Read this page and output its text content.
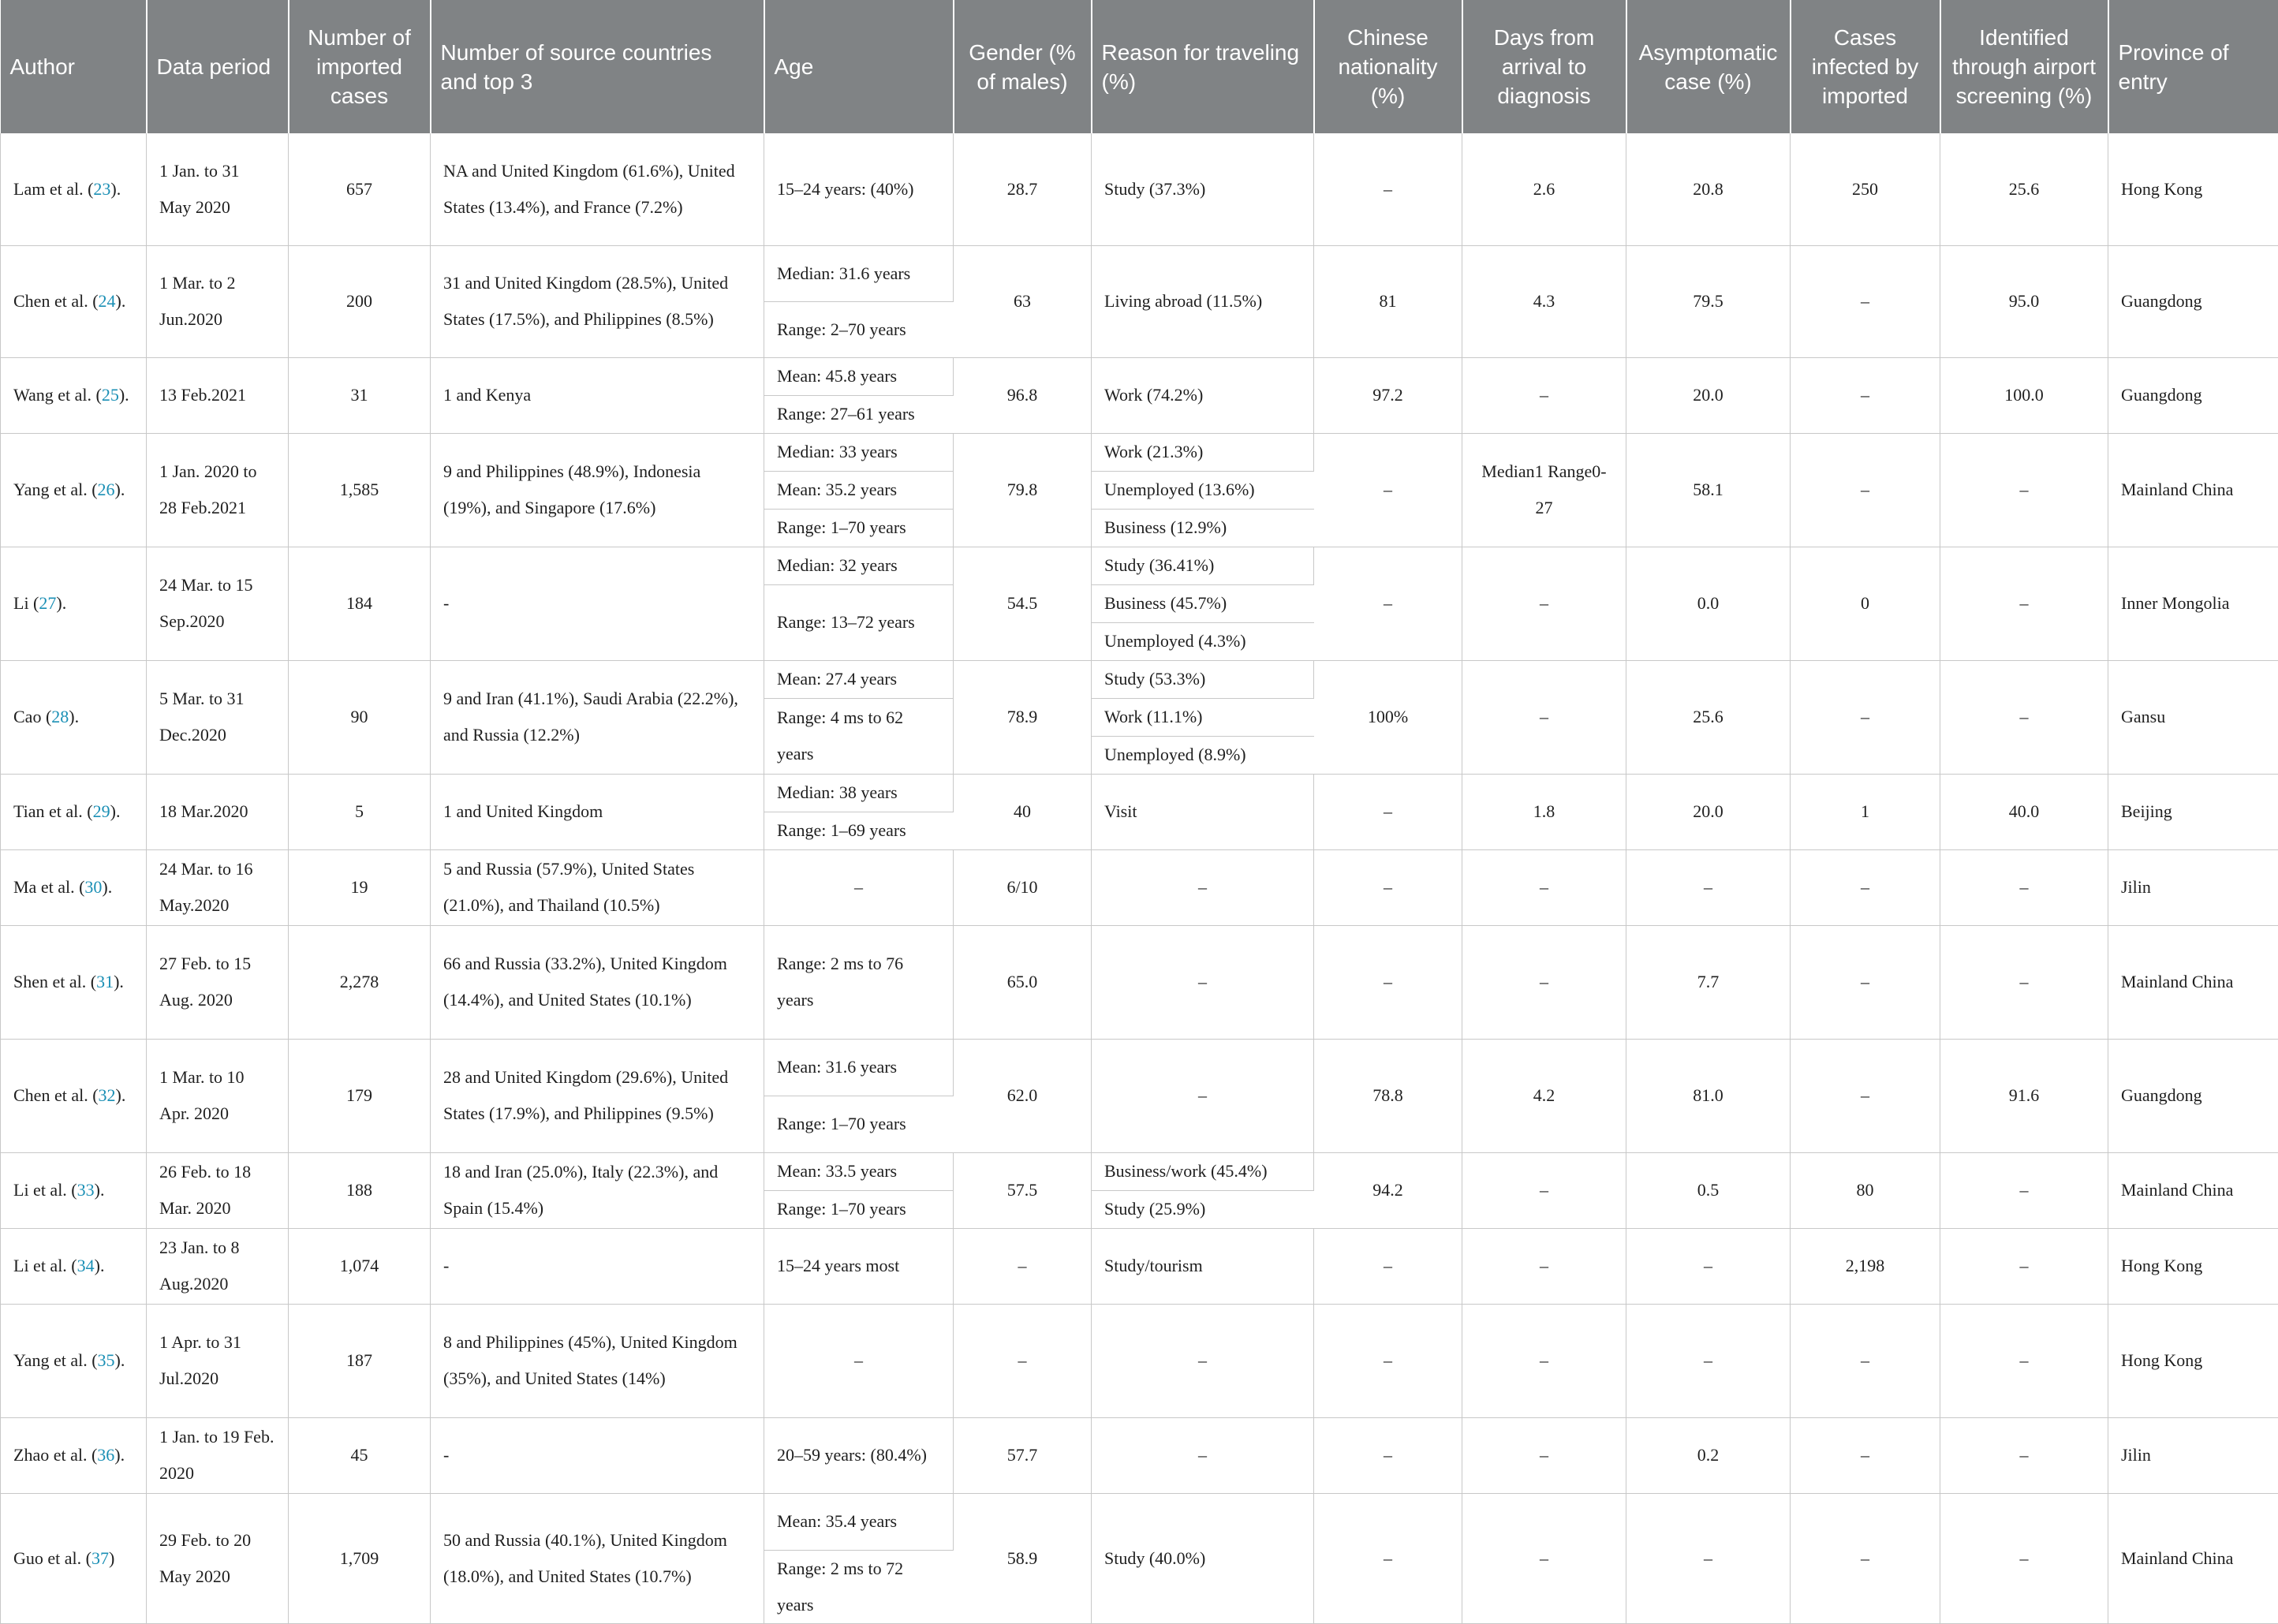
Author	Data period	Number of imported cases	Number of source countries and top 3	Age	Gender (% of males)	Reason for traveling (%)	Chinese nationality (%)	Days from arrival to diagnosis	Asymptomatic case (%)	Cases infected by imported	Identified through airport screening (%)	Province of entry
Lam et al. (23).	1 Jan. to 31 May 2020	657	NA and United Kingdom (61.6%), United States (13.4%), and France (7.2%)	15–24 years: (40%)	28.7	Study (37.3%)	–	2.6	20.8	250	25.6	Hong Kong
Chen et al. (24).	1 Mar. to 2 Jun.2020	200	31 and United Kingdom (28.5%), United States (17.5%), and Philippines (8.5%)	Median: 31.6 years	63	Living abroad (11.5%)	81	4.3	79.5	–	95.0	Guangdong
				Range: 2–70 years								
Wang et al. (25).	13 Feb.2021	31	1 and Kenya	Mean: 45.8 years	96.8	Work (74.2%)	97.2	–	20.0	–	100.0	Guangdong
				Range: 27–61 years								
Yang et al. (26).	1 Jan. 2020 to 28 Feb.2021	1,585	9 and Philippines (48.9%), Indonesia (19%), and Singapore (17.6%)	Median: 33 years	79.8	Work (21.3%)	–	Median1 Range0-27	58.1	–	–	Mainland China
				Mean: 35.2 years		Unemployed (13.6%)						
				Range: 1–70 years		Business (12.9%)						
Li (27).	24 Mar. to 15 Sep.2020	184	-	Median: 32 years	54.5	Study (36.41%)	–	–	0.0	0	–	Inner Mongolia
				Range: 13–72 years		Business (45.7%)						
						Unemployed (4.3%)						
Cao (28).	5 Mar. to 31 Dec.2020	90	9 and Iran (41.1%), Saudi Arabia (22.2%), and Russia (12.2%)	Mean: 27.4 years	78.9	Study (53.3%)	100%	–	25.6	–	–	Gansu
				Range: 4 ms to 62 years		Work (11.1%)						
						Unemployed (8.9%)						
Tian et al. (29).	18 Mar.2020	5	1 and United Kingdom	Median: 38 years	40	Visit	–	1.8	20.0	1	40.0	Beijing
				Range: 1–69 years								
Ma et al. (30).	24 Mar. to 16 May.2020	19	5 and Russia (57.9%), United States (21.0%), and Thailand (10.5%)	–	6/10	–	–	–	–	–	–	Jilin
Shen et al. (31).	27 Feb. to 15 Aug. 2020	2,278	66 and Russia (33.2%), United Kingdom (14.4%), and United States (10.1%)	Range: 2 ms to 76 years	65.0	–	–	–	7.7	–	–	Mainland China
Chen et al. (32).	1 Mar. to 10 Apr. 2020	179	28 and United Kingdom (29.6%), United States (17.9%), and Philippines (9.5%)	Mean: 31.6 years	62.0	–	78.8	4.2	81.0	–	91.6	Guangdong
				Range: 1–70 years								
Li et al. (33).	26 Feb. to 18 Mar. 2020	188	18 and Iran (25.0%), Italy (22.3%), and Spain (15.4%)	Mean: 33.5 years	57.5	Business/work (45.4%)	94.2	–	0.5	80	–	Mainland China
				Range: 1–70 years		Study (25.9%)						
Li et al. (34).	23 Jan. to 8 Aug.2020	1,074	-	15–24 years most	–	Study/tourism	–	–	–	2,198	–	Hong Kong
Yang et al. (35).	1 Apr. to 31 Jul.2020	187	8 and Philippines (45%), United Kingdom (35%), and United States (14%)	–	–	–	–	–	–	–	–	Hong Kong
Zhao et al. (36).	1 Jan. to 19 Feb. 2020	45	-	20–59 years: (80.4%)	57.7	–	–	–	0.2	–	–	Jilin
Guo et al. (37)	29 Feb. to 20 May 2020	1,709	50 and Russia (40.1%), United Kingdom (18.0%), and United States (10.7%)	Mean: 35.4 years	58.9	Study (40.0%)	–	–	–	–	–	Mainland China
				Range: 2 ms to 72 years								
